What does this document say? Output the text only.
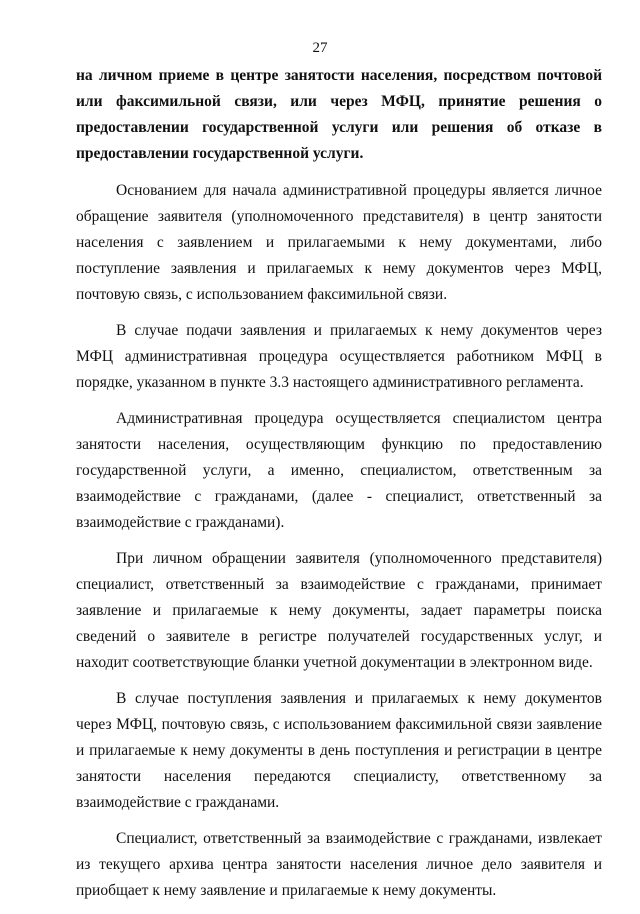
27

на личном приеме в центре занятости населения, посредством почтовой или факсимильной связи, или через МФЦ, принятие решения о предоставлении государственной услуги или решения об отказе в предоставлении государственной услуги.

Основанием для начала административной процедуры является личное обращение заявителя (уполномоченного представителя) в центр занятости населения с заявлением и прилагаемыми к нему документами, либо поступление заявления и прилагаемых к нему документов через МФЦ, почтовую связь, с использованием факсимильной связи.

В случае подачи заявления и прилагаемых к нему документов через МФЦ административная процедура осуществляется работником МФЦ в порядке, указанном в пункте 3.3 настоящего административного регламента.

Административная процедура осуществляется специалистом центра занятости населения, осуществляющим функцию по предоставлению государственной услуги, а именно, специалистом, ответственным за взаимодействие с гражданами, (далее - специалист, ответственный за взаимодействие с гражданами).

При личном обращении заявителя (уполномоченного представителя) специалист, ответственный за взаимодействие с гражданами, принимает заявление и прилагаемые к нему документы, задает параметры поиска сведений о заявителе в регистре получателей государственных услуг, и находит соответствующие бланки учетной документации в электронном виде.

В случае поступления заявления и прилагаемых к нему документов через МФЦ, почтовую связь, с использованием факсимильной связи заявление и прилагаемые к нему документы в день поступления и регистрации в центре занятости населения передаются специалисту, ответственному за взаимодействие с гражданами.

Специалист, ответственный за взаимодействие с гражданами, извлекает из текущего архива центра занятости населения личное дело заявителя и приобщает к нему заявление и прилагаемые к нему документы.
